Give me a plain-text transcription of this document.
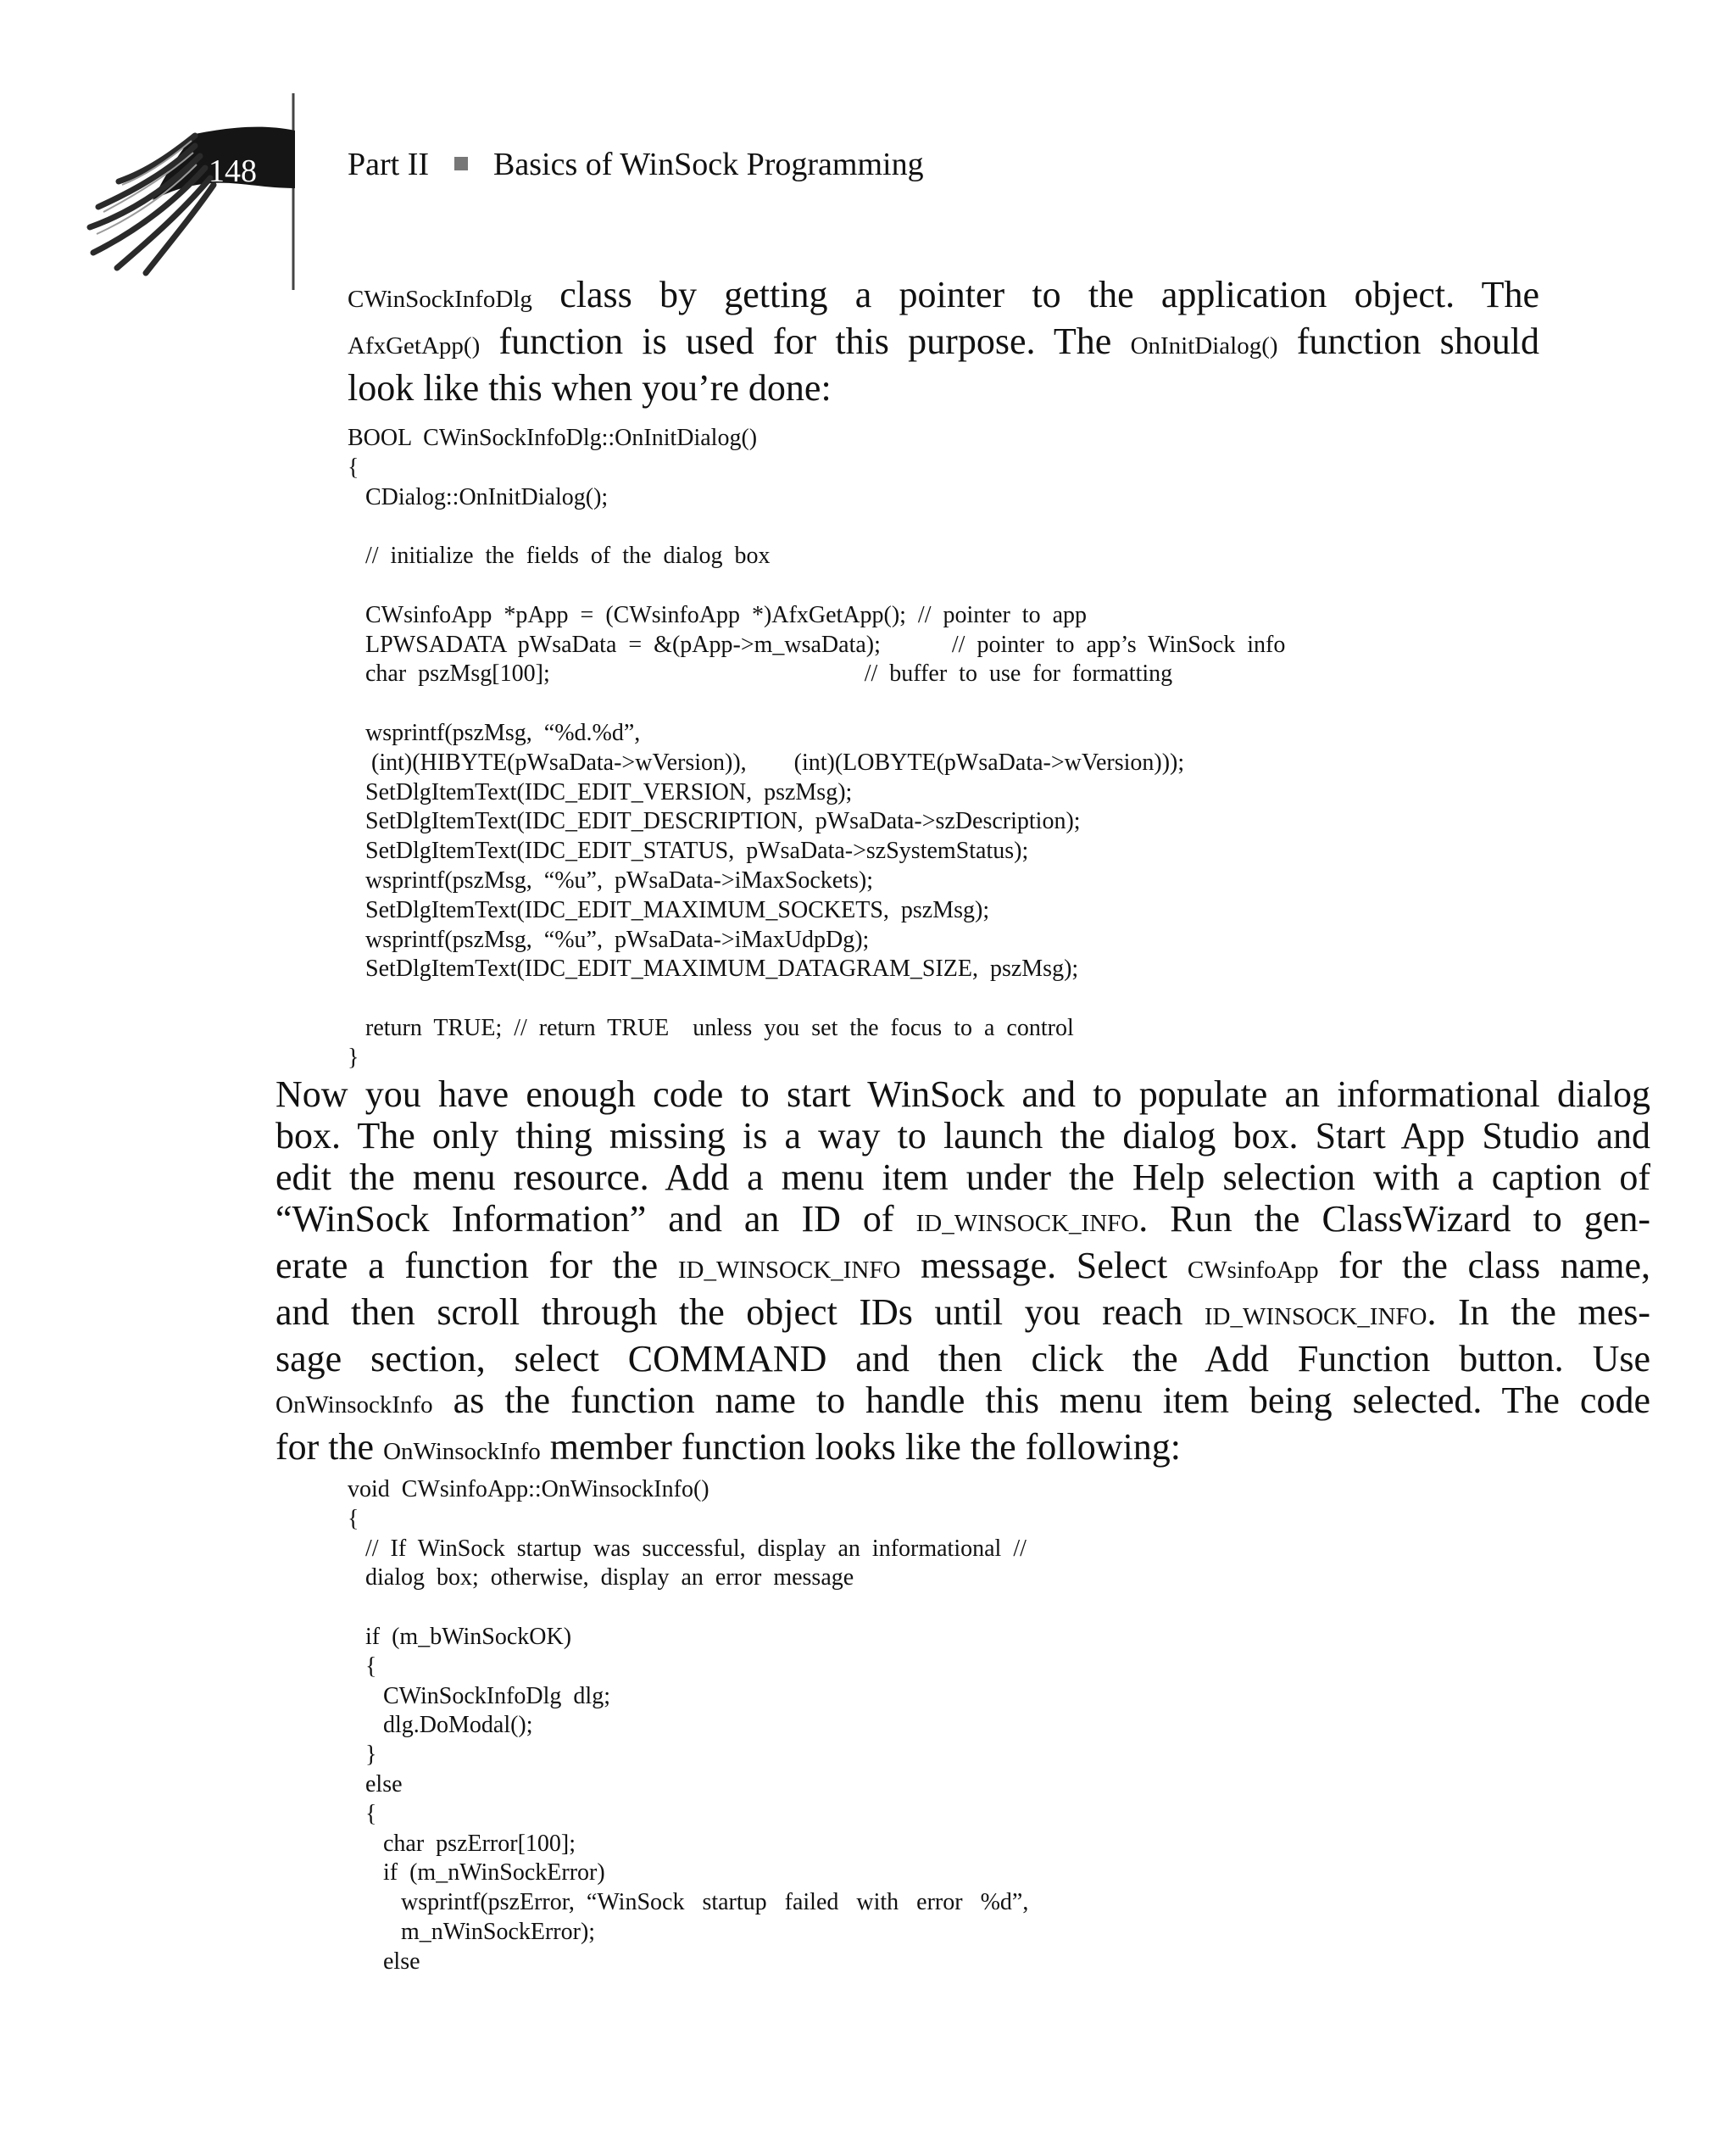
148	Part II Basics of WinSock Programming
CWinSockInfoDlg class by getting a pointer to the application object. The
AfxGetApp() function is used for this purpose. The OnInitDialog() function should
look like this when you’re done:
BOOL  CWinSockInfoDlg::OnInitDialog()
{
CDialog::OnInitDialog();

//  initialize  the  fields  of  the  dialog  box

CWsinfoApp  *pApp  =  (CWsinfoApp  *)AfxGetApp();  //  pointer  to  app
LPWSADATA  pWsaData  =  &(pApp->m_wsaData);            //  pointer  to  app’s  WinSock  info
char  pszMsg[100];                                                     //  buffer  to  use  for  formatting

wsprintf(pszMsg,  “%d.%d”,
(int)(HIBYTE(pWsaData->wVersion)),        (int)(LOBYTE(pWsaData->wVersion)));
SetDlgItemText(IDC_EDIT_VERSION,  pszMsg);
SetDlgItemText(IDC_EDIT_DESCRIPTION,  pWsaData->szDescription);
SetDlgItemText(IDC_EDIT_STATUS,  pWsaData->szSystemStatus);
wsprintf(pszMsg,  “%u”,  pWsaData->iMaxSockets);
SetDlgItemText(IDC_EDIT_MAXIMUM_SOCKETS,  pszMsg);
wsprintf(pszMsg,  “%u”,  pWsaData->iMaxUdpDg);
SetDlgItemText(IDC_EDIT_MAXIMUM_DATAGRAM_SIZE,  pszMsg);

return  TRUE;  //  return  TRUE    unless  you  set  the  focus  to  a  control
}

Now you have enough code to start WinSock and to populate an informational dialog
box. The only thing missing is a way to launch the dialog box. Start App Studio and
edit the menu resource. Add a menu item under the Help selection with a caption of
“WinSock Information” and an ID of ID_WINSOCK_INFO. Run the ClassWizard to gen-
erate a function for the ID_WINSOCK_INFO message. Select CWsinfoApp for the class name,
and then scroll through the object IDs until you reach ID_WINSOCK_INFO. In the mes-
sage section, select COMMAND and then click the Add Function button. Use
OnWinsockInfo as the function name to handle this menu item being selected. The code
for the OnWinsockInfo member function looks like the following:
void  CWsinfoApp::OnWinsockInfo()
{
//  If  WinSock  startup  was  successful,  display  an  informational  //
dialog  box;  otherwise,  display  an  error  message

if  (m_bWinSockOK)
{
CWinSockInfoDlg  dlg;
dlg.DoModal();
}
else
{
char  pszError[100];
if  (m_nWinSockError)
wsprintf(pszError,  “WinSock   startup   failed   with   error   %d”,
m_nWinSockError);
else
